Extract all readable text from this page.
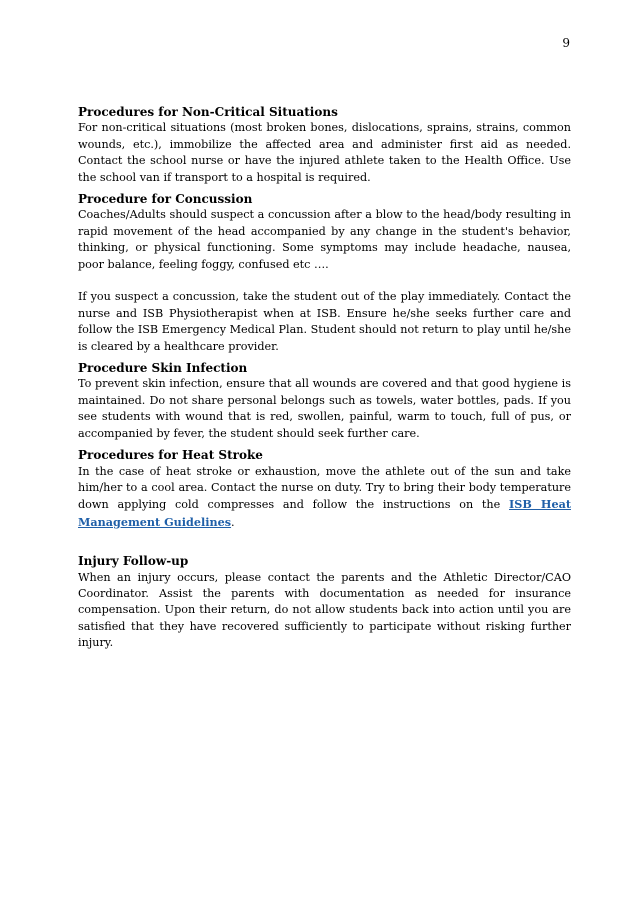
9
Procedures for Non-Critical Situations

For non-critical situations (most broken bones, dislocations, sprains, strains, common wounds, etc.), immobilize the affected area and administer first aid as needed. Contact the school nurse or have the injured athlete taken to the Health Office. Use the school van if transport to a hospital is required.

Procedure for Concussion

Coaches/Adults should suspect a concussion after a blow to the head/body resulting in rapid movement of the head accompanied by any change in the student's behavior, thinking, or physical functioning. Some symptoms may include headache, nausea, poor balance, feeling foggy, confused etc ….

If you suspect a concussion, take the student out of the play immediately. Contact the nurse and ISB Physiotherapist when at ISB. Ensure he/she seeks further care and follow the ISB Emergency Medical Plan. Student should not return to play until he/she is cleared by a healthcare provider.

Procedure Skin Infection

To prevent skin infection, ensure that all wounds are covered and that good hygiene is maintained. Do not share personal belongs such as towels, water bottles, pads. If you see students with wound that is red, swollen, painful, warm to touch, full of pus, or accompanied by fever, the student should seek further care.

Procedures for Heat Stroke

In the case of heat stroke or exhaustion, move the athlete out of the sun and take him/her to a cool area. Contact the nurse on duty. Try to bring their body temperature down applying cold compresses and follow the instructions on the ISB Heat Management Guidelines.

Injury Follow-up

When an injury occurs, please contact the parents and the Athletic Director/CAO Coordinator. Assist the parents with documentation as needed for insurance compensation. Upon their return, do not allow students back into action until you are satisfied that they have recovered sufficiently to participate without risking further injury.
